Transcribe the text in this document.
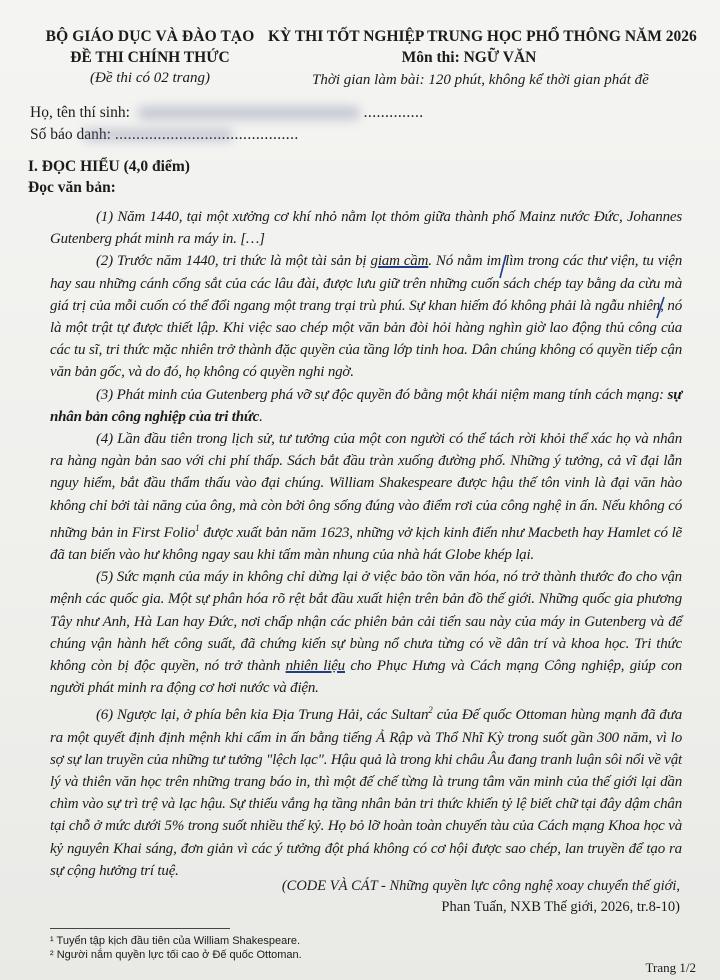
BỘ GIÁO DỤC VÀ ĐÀO TẠO
ĐỀ THI CHÍNH THỨC
(Đề thi có 02 trang)
KỲ THI TỐT NGHIỆP TRUNG HỌC PHỔ THÔNG NĂM 2026
Môn thi: NGỮ VĂN
Thời gian làm bài: 120 phút, không kể thời gian phát đề
Họ, tên thí sinh:	..............
Số báo danh: ...........................................
I. ĐỌC HIỂU (4,0 điểm)
Đọc văn bản:

(1) Năm 1440, tại một xưởng cơ khí nhỏ nằm lọt thỏm giữa thành phố Mainz nước Đức, Johannes Gutenberg phát minh ra máy in. […]

(2) Trước năm 1440, tri thức là một tài sản bị giam cầm. Nó nằm im lìm trong các thư viện, tu viện hay sau những cánh cổng sắt của các lâu đài, được lưu giữ trên những cuốn sách chép tay bằng da cừu mà giá trị của mỗi cuốn có thể đổi ngang một trang trại trù phú. Sự khan hiếm đó không phải là ngẫu nhiên, nó là một trật tự được thiết lập. Khi việc sao chép một văn bản đòi hỏi hàng nghìn giờ lao động thủ công của các tu sĩ, tri thức mặc nhiên trở thành đặc quyền của tầng lớp tinh hoa. Dân chúng không có quyền tiếp cận văn bản gốc, và do đó, họ không có quyền nghi ngờ.

(3) Phát minh của Gutenberg phá vỡ sự độc quyền đó bằng một khái niệm mang tính cách mạng: sự nhân bản công nghiệp của tri thức.

(4) Lần đầu tiên trong lịch sử, tư tưởng của một con người có thể tách rời khỏi thể xác họ và nhân ra hàng ngàn bản sao với chi phí thấp. Sách bắt đầu tràn xuống đường phố. Những ý tưởng, cả vĩ đại lẫn nguy hiểm, bắt đầu thẩm thấu vào đại chúng. William Shakespeare được hậu thế tôn vinh là đại văn hào không chỉ bởi tài năng của ông, mà còn bởi ông sống đúng vào điểm rơi của công nghệ in ấn. Nếu không có những bản in First Folio$^1$ được xuất bản năm 1623, những vở kịch kinh điển như Macbeth hay Hamlet có lẽ đã tan biến vào hư không ngay sau khi tấm màn nhung của nhà hát Globe khép lại.

(5) Sức mạnh của máy in không chỉ dừng lại ở việc bảo tồn văn hóa, nó trở thành thước đo cho vận mệnh các quốc gia. Một sự phân hóa rõ rệt bắt đầu xuất hiện trên bản đồ thế giới. Những quốc gia phương Tây như Anh, Hà Lan hay Đức, nơi chấp nhận các phiên bản cải tiến sau này của máy in Gutenberg và để chúng vận hành hết công suất, đã chứng kiến sự bùng nổ chưa từng có về dân trí và khoa học. Tri thức không còn bị độc quyền, nó trở thành nhiên liệu cho Phục Hưng và Cách mạng Công nghiệp, giúp con người phát minh ra động cơ hơi nước và điện.

(6) Ngược lại, ở phía bên kia Địa Trung Hải, các Sultan$^2$ của Đế quốc Ottoman hùng mạnh đã đưa ra một quyết định định mệnh khi cấm in ấn bằng tiếng Ả Rập và Thổ Nhĩ Kỳ trong suốt gần 300 năm, vì lo sợ sự lan truyền của những tư tưởng "lệch lạc". Hậu quả là trong khi châu Âu đang tranh luận sôi nổi về vật lý và thiên văn học trên những trang báo in, thì một đế chế từng là trung tâm văn minh của thế giới lại dần chìm vào sự trì trệ và lạc hậu. Sự thiếu vắng hạ tầng nhân bản tri thức khiến tỷ lệ biết chữ tại đây dậm chân tại chỗ ở mức dưới 5% trong suốt nhiều thế kỷ. Họ bỏ lỡ hoàn toàn chuyến tàu của Cách mạng Khoa học và kỷ nguyên Khai sáng, đơn giản vì các ý tưởng đột phá không có cơ hội được sao chép, lan truyền để tạo ra sự cộng hưởng trí tuệ.

(CODE VÀ CÁT - Những quyền lực công nghệ xoay chuyển thế giới,
Phan Tuấn, NXB Thế giới, 2026, tr.8-10)
¹ Tuyển tập kịch đầu tiên của William Shakespeare.
² Người nắm quyền lực tối cao ở Đế quốc Ottoman.
Trang 1/2
